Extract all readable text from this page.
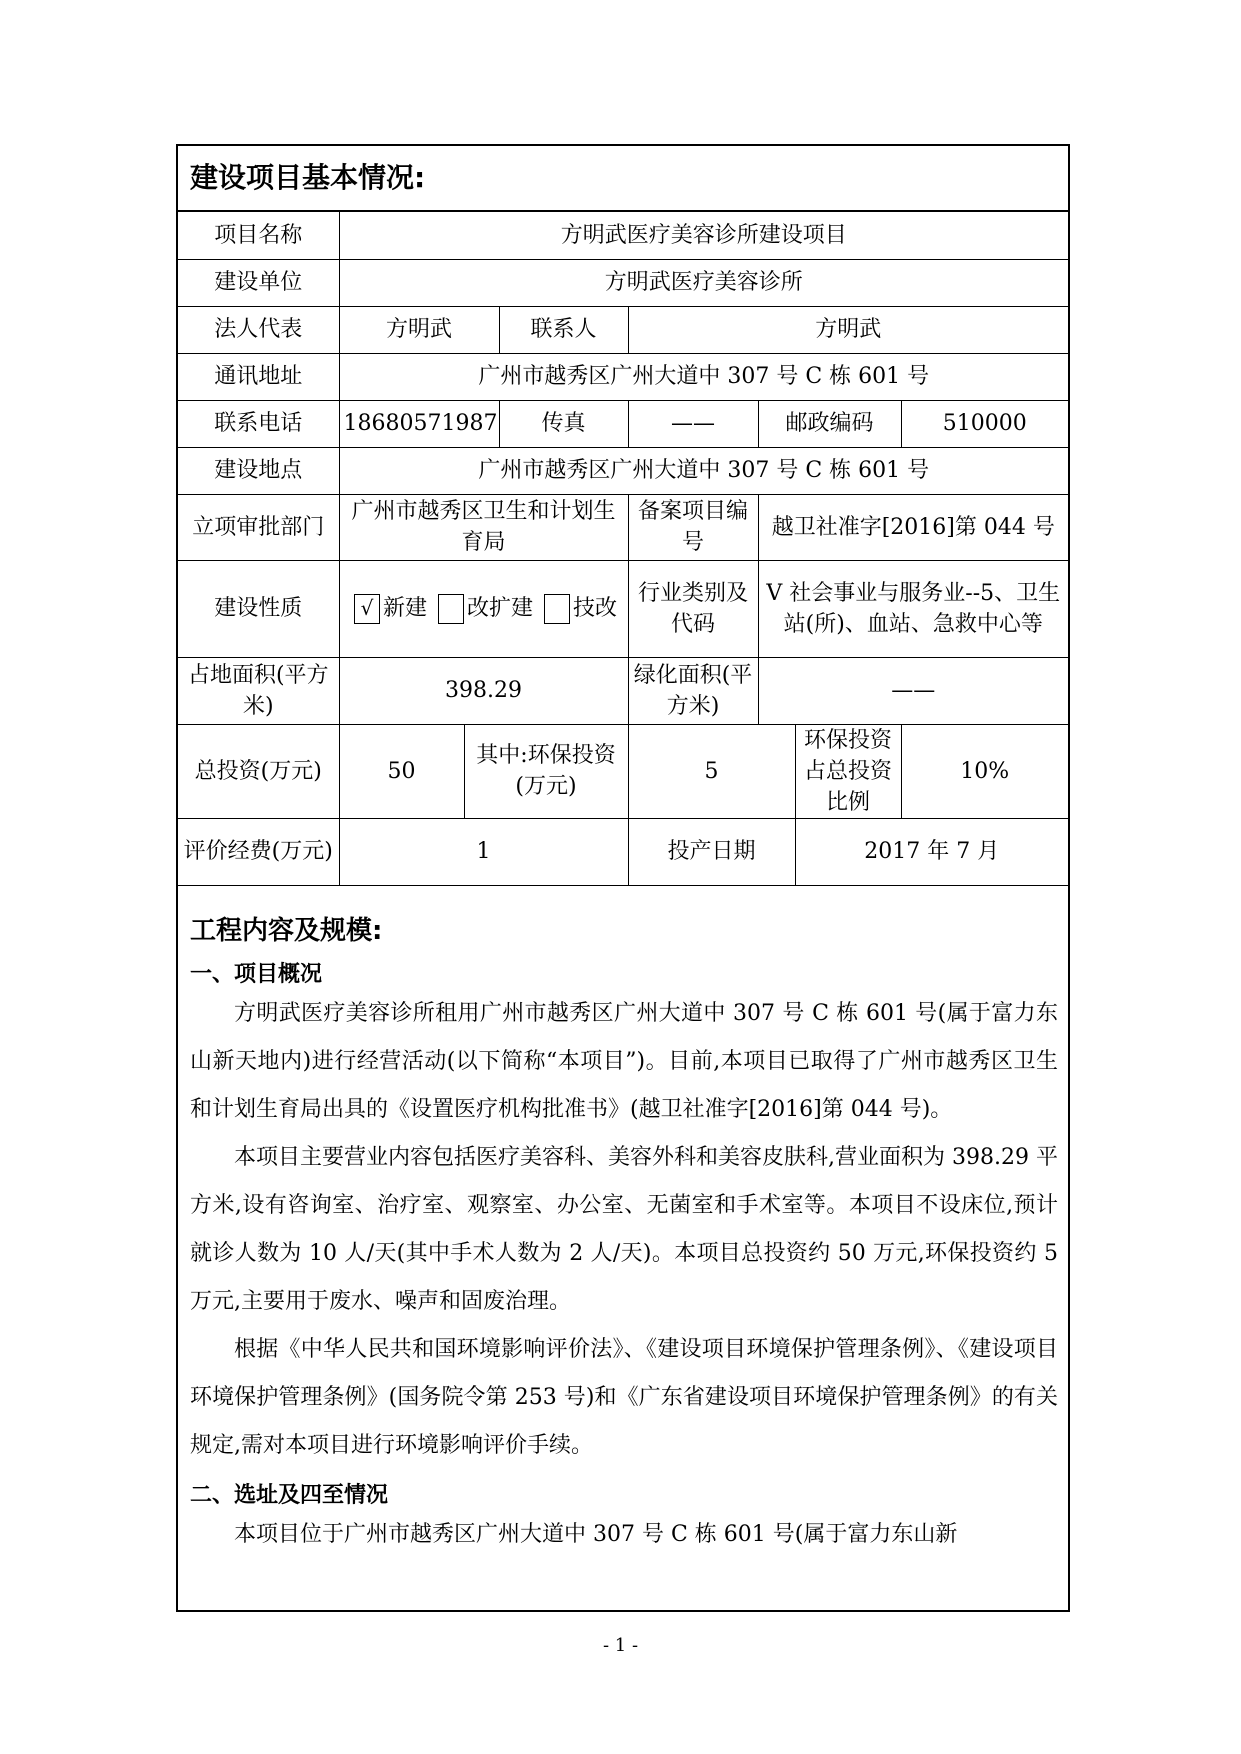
建设项目基本情况:
项目名称	方明武医疗美容诊所建设项目						
建设单位	方明武医疗美容诊所						
法人代表	方明武		联系人	方明武			
通讯地址	广州市越秀区广州大道中 307 号 C 栋 601 号						
联系电话	18680571987		传真	——	邮政编码		510000
建设地点	广州市越秀区广州大道中 307 号 C 栋 601 号						
立项审批部门	广州市越秀区卫生和计划生育局			备案项目编号	越卫社准字[2016]第 044 号		
建设性质	√ 新建 改扩建 技改			行业类别及代码	V 社会事业与服务业--5、卫生站(所)、血站、急救中心等		
占地面积(平方米)	398.29			绿化面积(平方米)	——		
总投资(万元)	50	其中:环保投资(万元)		5		环保投资占总投资比例	10%
评价经费(万元)	1			投产日期		2017 年 7 月	
工程内容及规模:
一、项目概况

方明武医疗美容诊所租用广州市越秀区广州大道中 307 号 C 栋 601 号(属于富力东山新天地内)进行经营活动(以下简称“本项目”)。目前,本项目已取得了广州市越秀区卫生和计划生育局出具的《设置医疗机构批准书》(越卫社准字[2016]第 044 号)。

本项目主要营业内容包括医疗美容科、美容外科和美容皮肤科,营业面积为 398.29 平方米,设有咨询室、治疗室、观察室、办公室、无菌室和手术室等。本项目不设床位,预计就诊人数为 10 人/天(其中手术人数为 2 人/天)。本项目总投资约 50 万元,环保投资约 5 万元,主要用于废水、噪声和固废治理。

根据《中华人民共和国环境影响评价法》、《建设项目环境保护管理条例》、《建设项目环境保护管理条例》(国务院令第 253 号)和《广东省建设项目环境保护管理条例》的有关规定,需对本项目进行环境影响评价手续。

二、选址及四至情况

本项目位于广州市越秀区广州大道中 307 号 C 栋 601 号(属于富力东山新

- 1 -
